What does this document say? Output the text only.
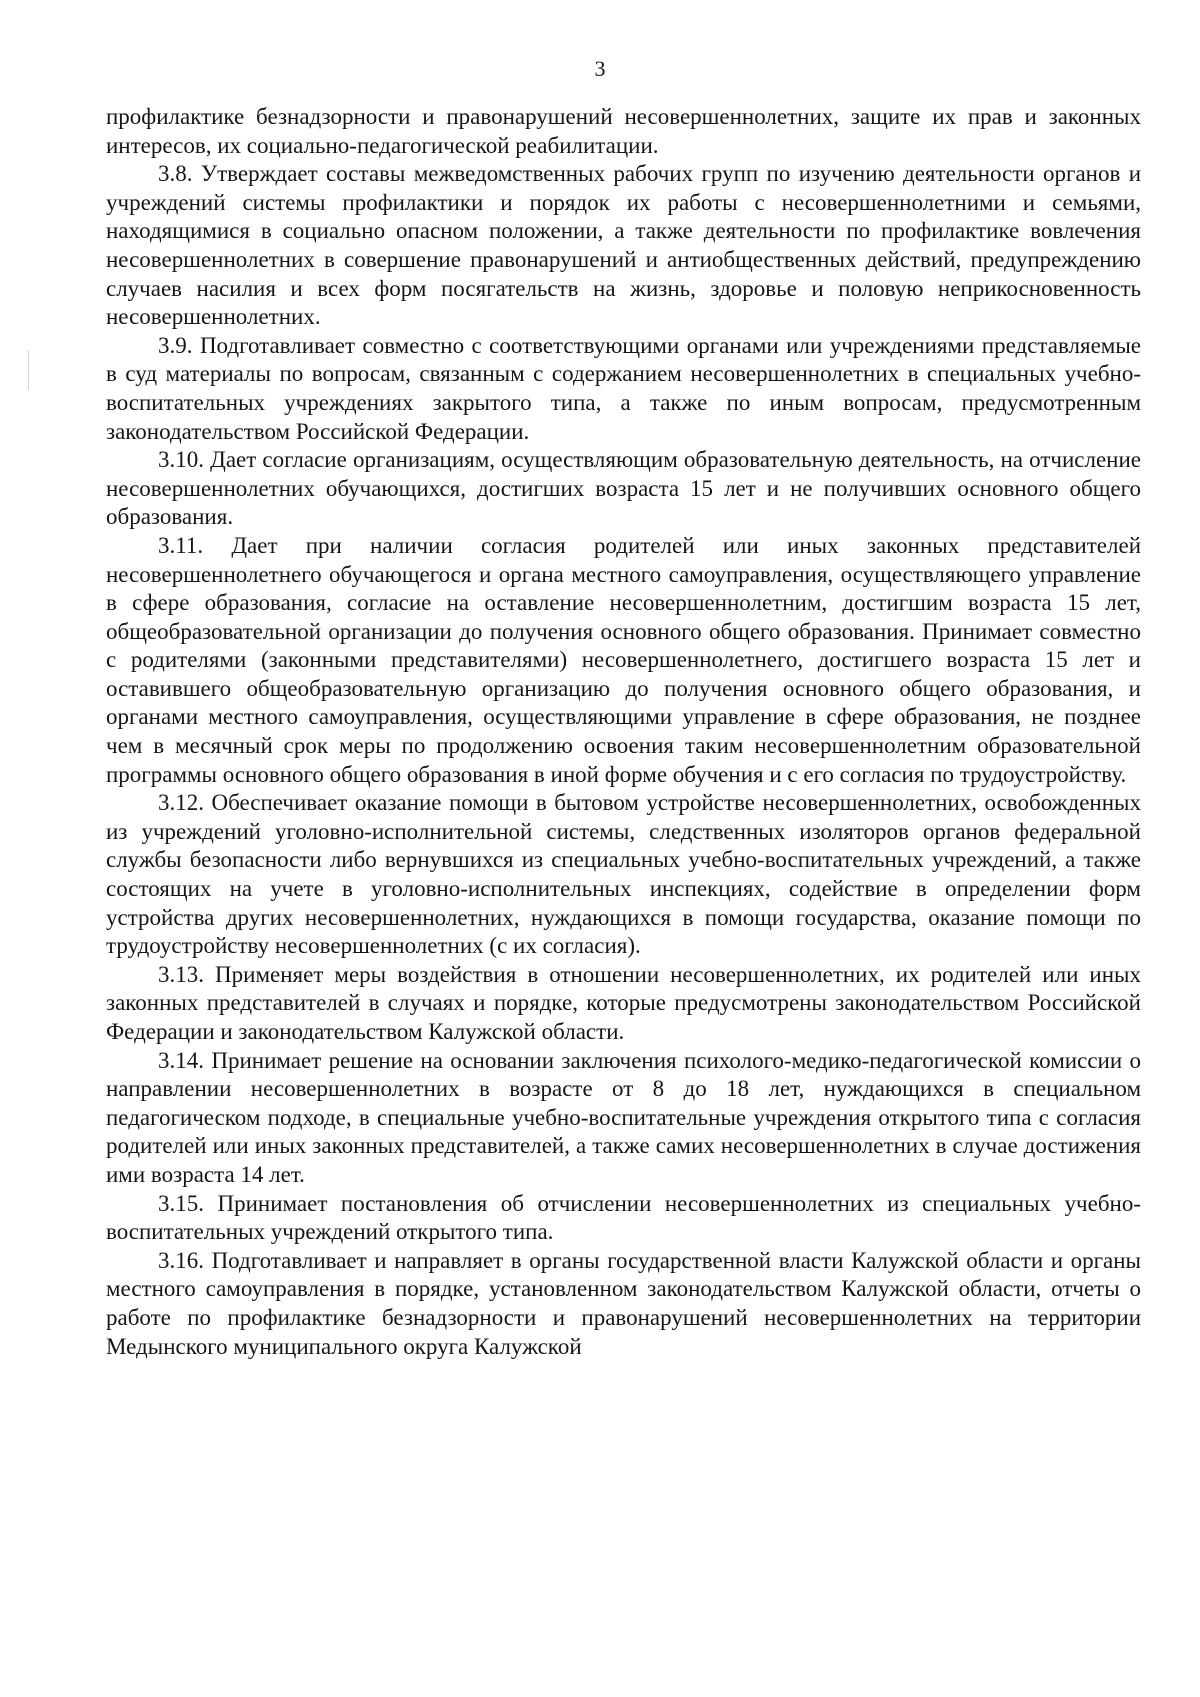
3

профилактике безнадзорности и правонарушений несовершеннолетних, защите их прав и законных интересов, их социально-педагогической реабилитации.

3.8. Утверждает составы межведомственных рабочих групп по изучению деятельности органов и учреждений системы профилактики и порядок их работы с несовершеннолетними и семьями, находящимися в социально опасном положении, а также деятельности по профилактике вовлечения несовершеннолетних в совершение правонарушений и антиобщественных действий, предупреждению случаев насилия и всех форм посягательств на жизнь, здоровье и половую неприкосновенность несовершеннолетних.

3.9. Подготавливает совместно с соответствующими органами или учреждениями представляемые в суд материалы по вопросам, связанным с содержанием несовершеннолетних в специальных учебно-воспитательных учреждениях закрытого типа, а также по иным вопросам, предусмотренным законодательством Российской Федерации.

3.10. Дает согласие организациям, осуществляющим образовательную деятельность, на отчисление несовершеннолетних обучающихся, достигших возраста 15 лет и не получивших основного общего образования.

3.11. Дает при наличии согласия родителей или иных законных представителей несовершеннолетнего обучающегося и органа местного самоуправления, осуществляющего управление в сфере образования, согласие на оставление несовершеннолетним, достигшим возраста 15 лет, общеобразовательной организации до получения основного общего образования. Принимает совместно с родителями (законными представителями) несовершеннолетнего, достигшего возраста 15 лет и оставившего общеобразовательную организацию до получения основного общего образования, и органами местного самоуправления, осуществляющими управление в сфере образования, не позднее чем в месячный срок меры по продолжению освоения таким несовершеннолетним образовательной программы основного общего образования в иной форме обучения и с его согласия по трудоустройству.

3.12. Обеспечивает оказание помощи в бытовом устройстве несовершеннолетних, освобожденных из учреждений уголовно-исполнительной системы, следственных изоляторов органов федеральной службы безопасности либо вернувшихся из специальных учебно-воспитательных учреждений, а также состоящих на учете в уголовно-исполнительных инспекциях, содействие в определении форм устройства других несовершеннолетних, нуждающихся в помощи государства, оказание помощи по трудоустройству несовершеннолетних (с их согласия).

3.13. Применяет меры воздействия в отношении несовершеннолетних, их родителей или иных законных представителей в случаях и порядке, которые предусмотрены законодательством Российской Федерации и законодательством Калужской области.

3.14. Принимает решение на основании заключения психолого-медико-педагогической комиссии о направлении несовершеннолетних в возрасте от 8 до 18 лет, нуждающихся в специальном педагогическом подходе, в специальные учебно-воспитательные учреждения открытого типа с согласия родителей или иных законных представителей, а также самих несовершеннолетних в случае достижения ими возраста 14 лет.

3.15. Принимает постановления об отчислении несовершеннолетних из специальных учебно-воспитательных учреждений открытого типа.

3.16. Подготавливает и направляет в органы государственной власти Калужской области и органы местного самоуправления в порядке, установленном законодательством Калужской области, отчеты о работе по профилактике безнадзорности и правонарушений несовершеннолетних на территории Медынского муниципального округа Калужской
